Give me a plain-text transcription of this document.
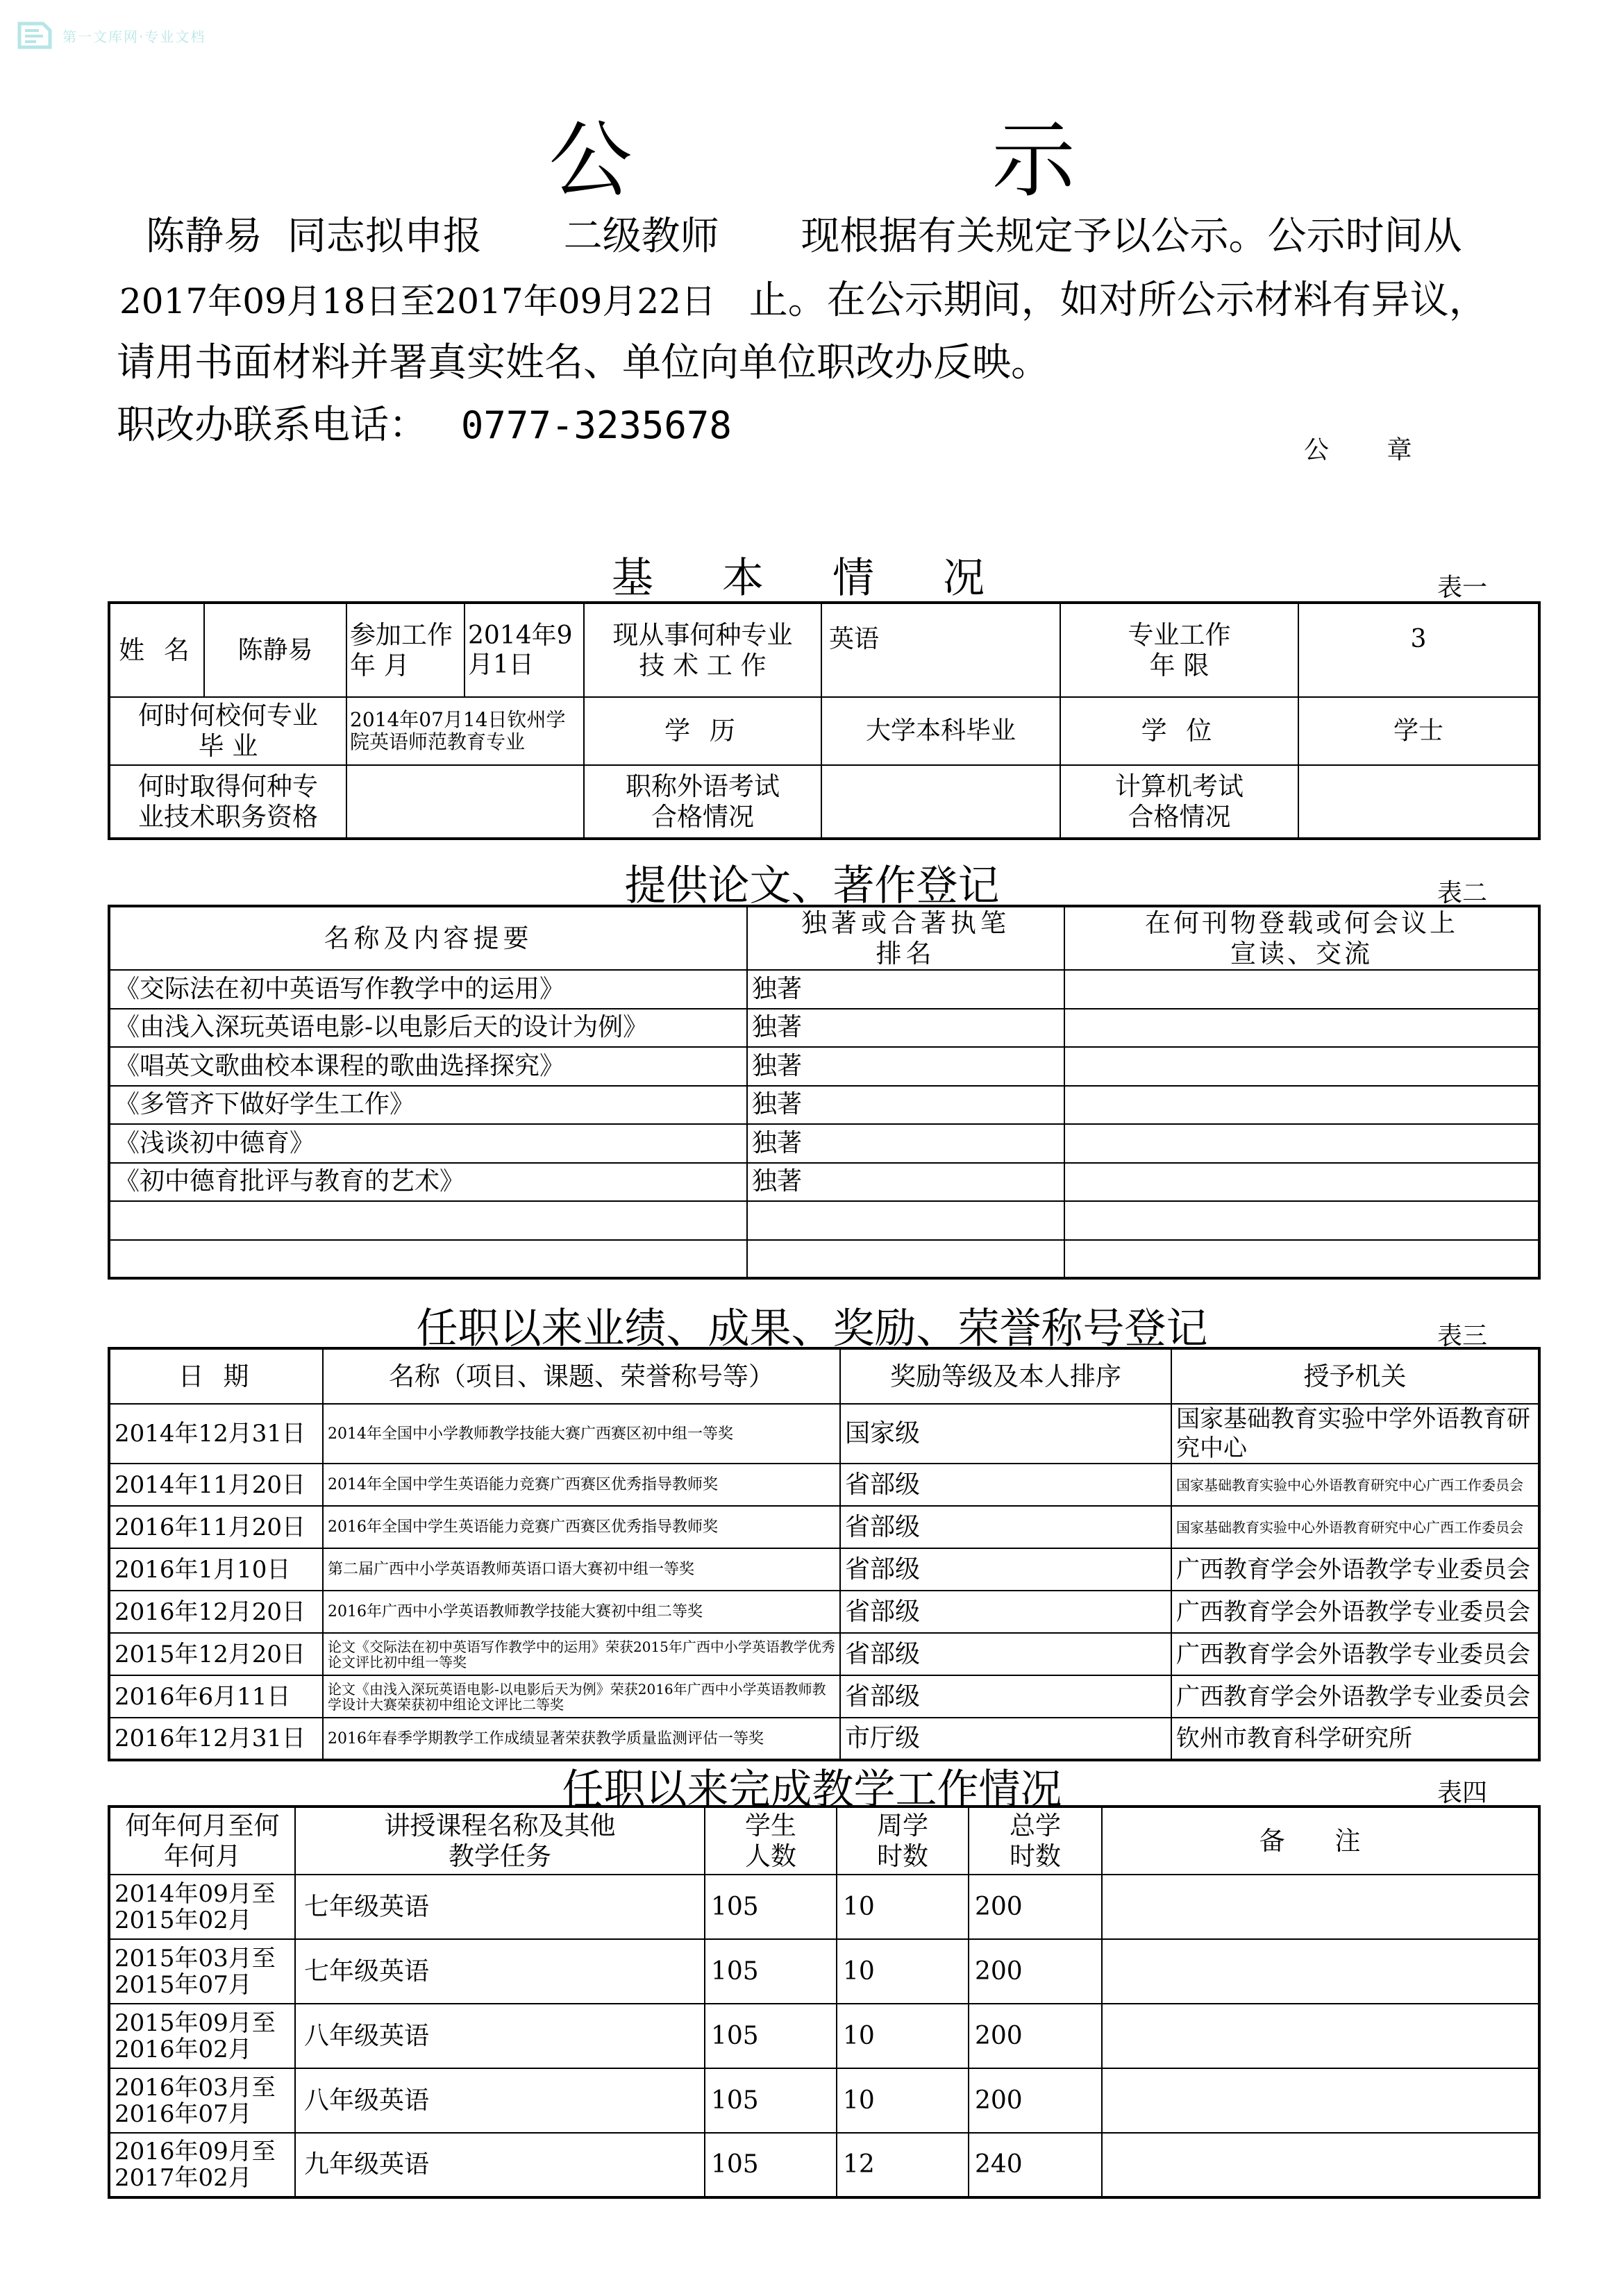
第一文库网·专业文档
公 示
陈静易 同志拟申报 二级教师 现根据有关规定予以公示。公示时间从
2017年09月18日至2017年09月22日 止。在公示期间，如对所公示材料有异议，
请用书面材料并署真实姓名、单位向单位职改办反映。
职改办联系电话： 0777-3235678
公 章
基 本 情 况	表一
姓 名	陈静易	参加工作年 月	2014年9月1日	现从事何种专业技 术 工 作	英语	专业工作年 限	3
何时何校何专业毕 业		2014年07月14日钦州学院英语师范教育专业		学 历	大学本科毕业	学 位	学士
何时取得何种专业技术职务资格				职称外语考试合格情况		计算机考试合格情况	
提供论文、著作登记	表二
名称及内容提要	独著或合著执笔排名	在何刊物登载或何会议上宣读、交流
《交际法在初中英语写作教学中的运用》	独著	
《由浅入深玩英语电影-以电影后天的设计为例》	独著	
《唱英文歌曲校本课程的歌曲选择探究》	独著	
《多管齐下做好学生工作》	独著	
《浅谈初中德育》	独著	
《初中德育批评与教育的艺术》	独著	

任职以来业绩、成果、奖励、荣誉称号登记	表三
日 期	名称（项目、课题、荣誉称号等）	奖励等级及本人排序	授予机关
2014年12月31日	2014年全国中小学教师教学技能大赛广西赛区初中组一等奖	国家级	国家基础教育实验中学外语教育研究中心
2014年11月20日	2014年全国中学生英语能力竞赛广西赛区优秀指导教师奖	省部级	国家基础教育实验中心外语教育研究中心广西工作委员会
2016年11月20日	2016年全国中学生英语能力竞赛广西赛区优秀指导教师奖	省部级	国家基础教育实验中心外语教育研究中心广西工作委员会
2016年1月10日	第二届广西中小学英语教师英语口语大赛初中组一等奖	省部级	广西教育学会外语教学专业委员会
2016年12月20日	2016年广西中小学英语教师教学技能大赛初中组二等奖	省部级	广西教育学会外语教学专业委员会
2015年12月20日	论文《交际法在初中英语写作教学中的运用》荣获2015年广西中小学英语教学优秀论文评比初中组一等奖	省部级	广西教育学会外语教学专业委员会
2016年6月11日	论文《由浅入深玩英语电影-以电影后天为例》荣获2016年广西中小学英语教师教学设计大赛荣获初中组论文评比二等奖	省部级	广西教育学会外语教学专业委员会
2016年12月31日	2016年春季学期教学工作成绩显著荣获教学质量监测评估一等奖	市厅级	钦州市教育科学研究所
任职以来完成教学工作情况	表四
何年何月至何年何月	讲授课程名称及其他教学任务	学生人数	周学时数	总学时数	备 注
2014年09月至2015年02月	七年级英语	105	10	200	
2015年03月至2015年07月	七年级英语	105	10	200	
2015年09月至2016年02月	八年级英语	105	10	200	
2016年03月至2016年07月	八年级英语	105	10	200	
2016年09月至2017年02月	九年级英语	105	12	240	
